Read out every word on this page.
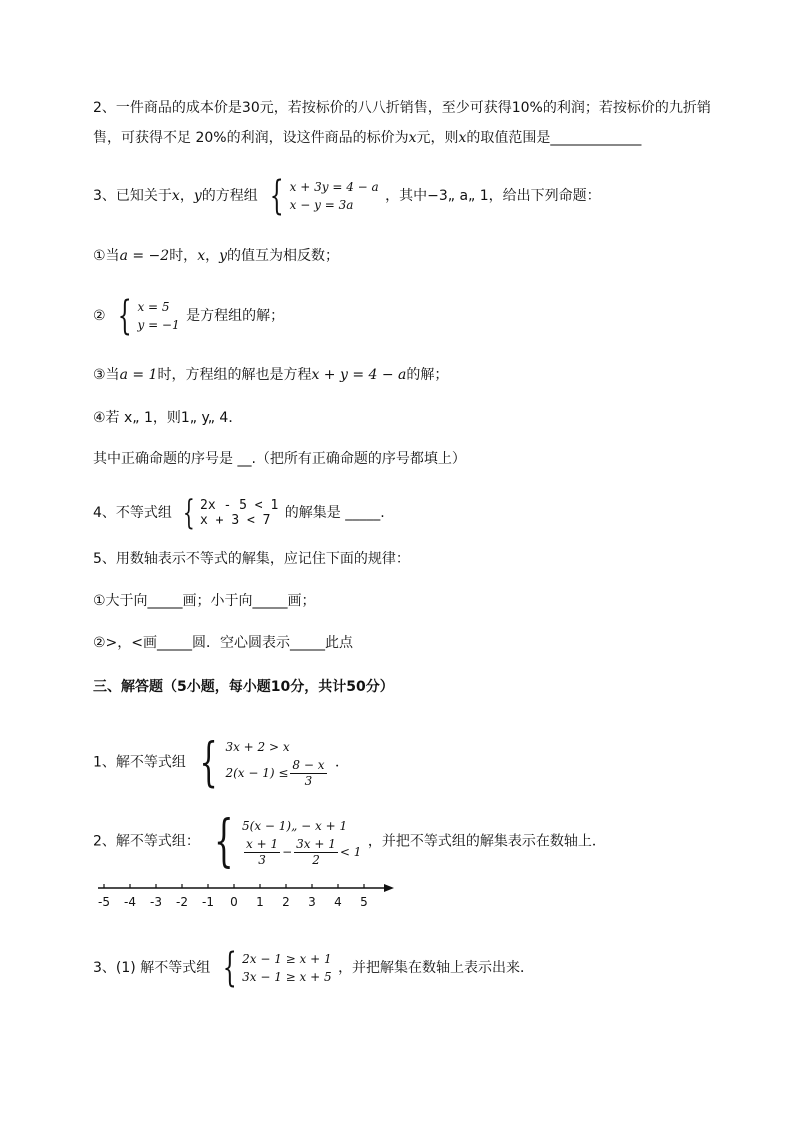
2、一件商品的成本价是30元，若按标价的八八折销售，至少可获得10%的利润；若按标价的九折销
售，可获得不足 20%的利润，设这件商品的标价为x元，则x的取值范围是_____________
3、已知关于x，y的方程组 { x + 3y = 4 − a
x − y = 3a
，其中−3„ a„ 1，给出下列命题：
①当a = −2时，x，y的值互为相反数；
② { x = 5
y = −1
是方程组的解；
③当a = 1时，方程组的解也是方程x + y = 4 − a的解；
④若 x„ 1，则1„ y„ 4．
其中正确命题的序号是 __.（把所有正确命题的序号都填上）
4、不等式组 { 2x - 5 < 1
x + 3 < 7	的解集是 _____.
5、用数轴表示不等式的解集，应记住下面的规律：
①大于向_____画；小于向_____画；
②>，<画_____圆．空心圆表示_____此点
三、解答题（5小题，每小题10分，共计50分）
1、解不等式组 { 3x + 2 > x
$2(x - 1) \le \frac{8 - x}{3}$ ．
2、解不等式组： { 5(x − 1)„ − x + 1
$\frac{x + 1}{3} - \frac{3x + 1}{2} < 1$
，并把不等式组的解集表示在数轴上．
-5 -4 -3 -2 -1 0 1 2 3 4 5
3、(1) 解不等式组 { 2x − 1 ≥ x + 1
3x − 1 ≥ x + 5
，并把解集在数轴上表示出来．
